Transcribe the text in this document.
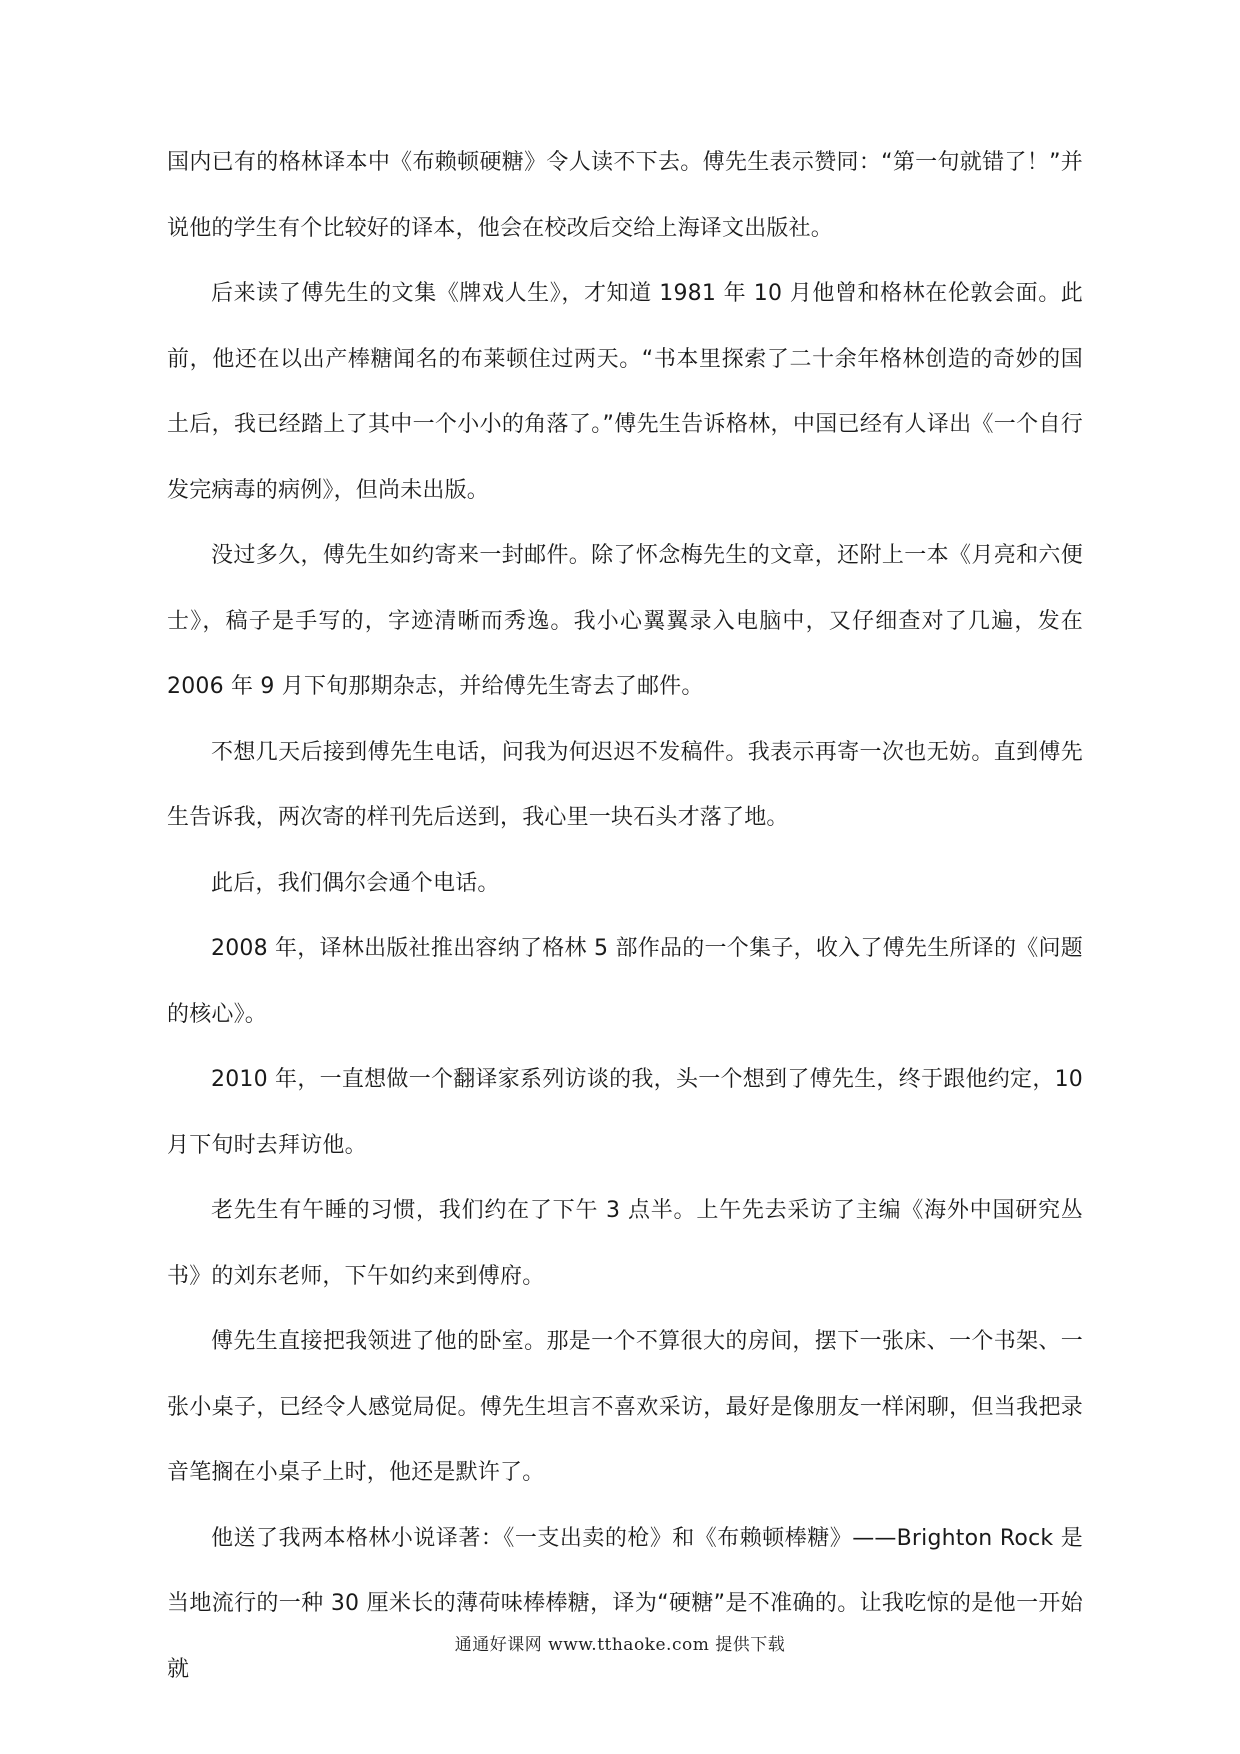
国内已有的格林译本中《布赖顿硬糖》令人读不下去。傅先生表示赞同：“第一句就错了！”并说他的学生有个比较好的译本，他会在校改后交给上海译文出版社。

后来读了傅先生的文集《牌戏人生》，才知道 1981 年 10 月他曾和格林在伦敦会面。此前，他还在以出产棒糖闻名的布莱顿住过两天。“书本里探索了二十余年格林创造的奇妙的国土后，我已经踏上了其中一个小小的角落了。”傅先生告诉格林，中国已经有人译出《一个自行发完病毒的病例》，但尚未出版。

没过多久，傅先生如约寄来一封邮件。除了怀念梅先生的文章，还附上一本《月亮和六便士》，稿子是手写的，字迹清晰而秀逸。我小心翼翼录入电脑中，又仔细查对了几遍，发在 2006 年 9 月下旬那期杂志，并给傅先生寄去了邮件。

不想几天后接到傅先生电话，问我为何迟迟不发稿件。我表示再寄一次也无妨。直到傅先生告诉我，两次寄的样刊先后送到，我心里一块石头才落了地。

此后，我们偶尔会通个电话。

2008 年，译林出版社推出容纳了格林 5 部作品的一个集子，收入了傅先生所译的《问题的核心》。

2010 年，一直想做一个翻译家系列访谈的我，头一个想到了傅先生，终于跟他约定，10 月下旬时去拜访他。

老先生有午睡的习惯，我们约在了下午 3 点半。上午先去采访了主编《海外中国研究丛书》的刘东老师，下午如约来到傅府。

傅先生直接把我领进了他的卧室。那是一个不算很大的房间，摆下一张床、一个书架、一张小桌子，已经令人感觉局促。傅先生坦言不喜欢采访，最好是像朋友一样闲聊，但当我把录音笔搁在小桌子上时，他还是默许了。

他送了我两本格林小说译著：《一支出卖的枪》和《布赖顿棒糖》——Brighton Rock 是当地流行的一种 30 厘米长的薄荷味棒棒糖，译为“硬糖”是不准确的。让我吃惊的是他一开始就

通通好课网 www.tthaoke.com 提供下载
